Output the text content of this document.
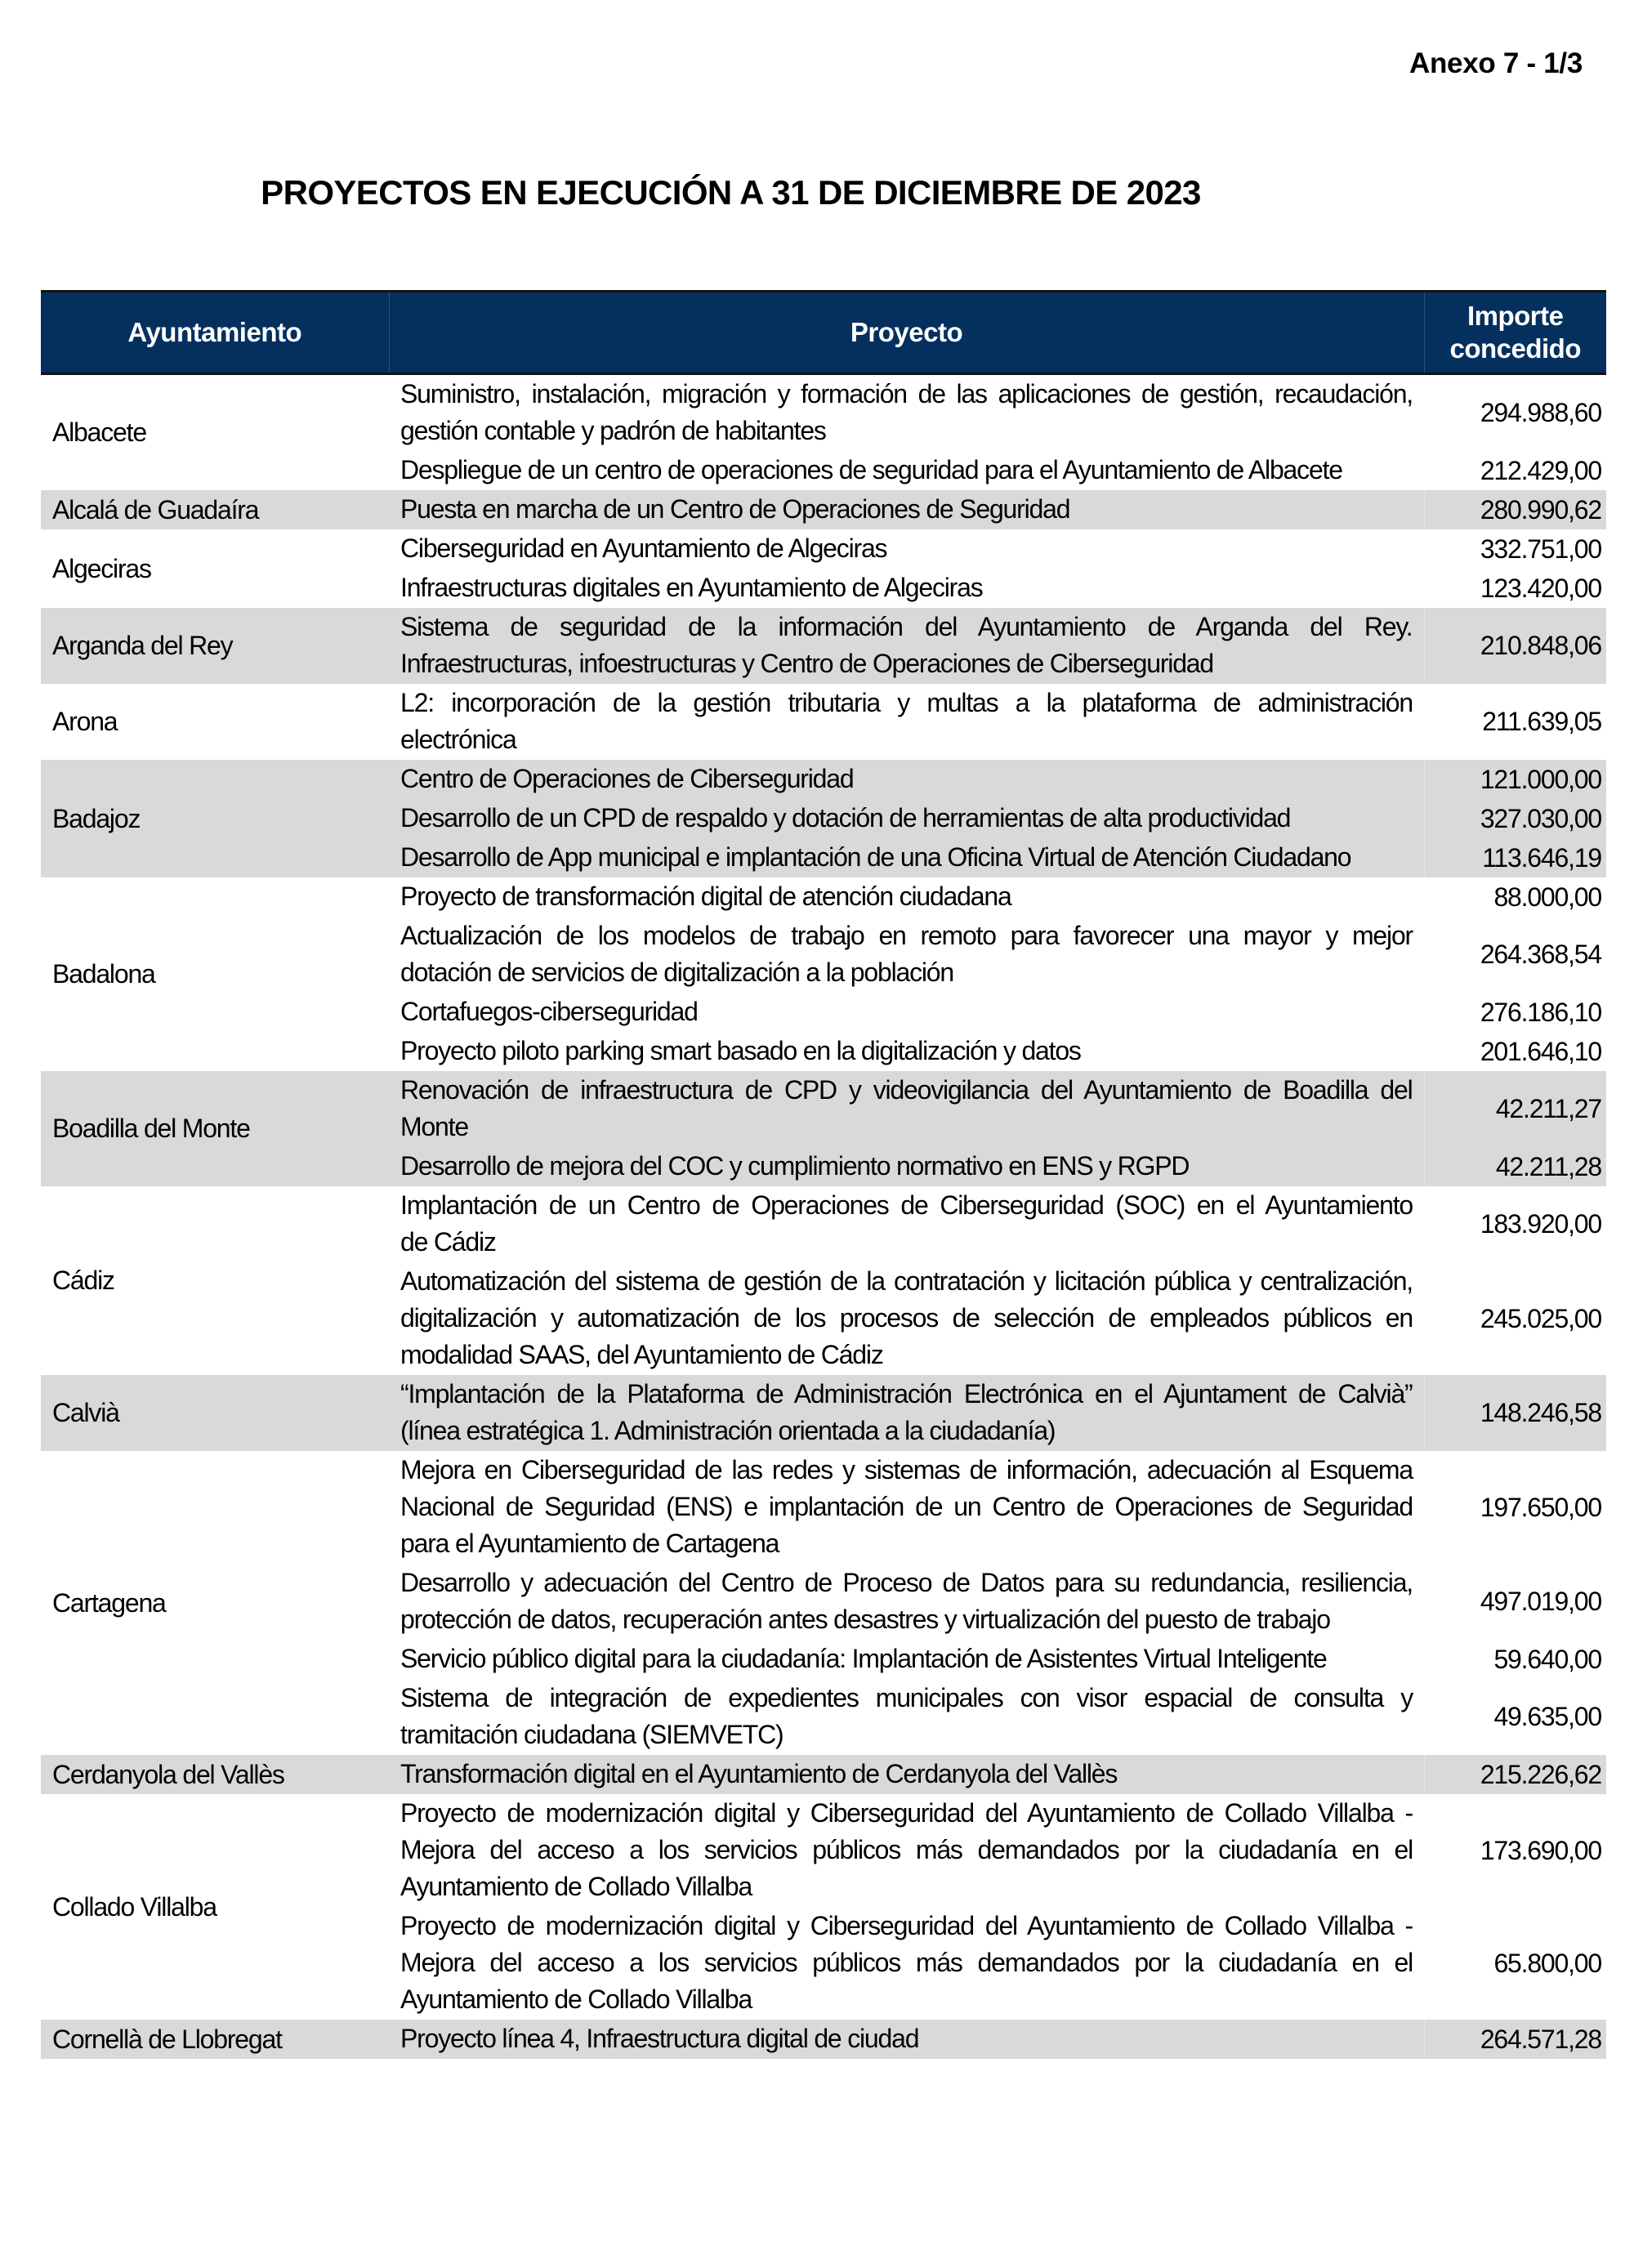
Anexo 7 - 1/3
PROYECTOS EN EJECUCIÓN A 31 DE DICIEMBRE DE 2023
Ayuntamiento	Proyecto	Importe
concedido

Albacete	Suministro, instalación, migración y formación de las aplicaciones de gestión, recaudación,
gestión contable y padrón de habitantes	294.988,60

	Despliegue de un centro de operaciones de seguridad para el Ayuntamiento de Albacete	212.429,00
Alcalá de Guadaíra	Puesta en marcha de un Centro de Operaciones de Seguridad	280.990,62
Algeciras	Ciberseguridad en Ayuntamiento de Algeciras	332.751,00

	Infraestructuras digitales en Ayuntamiento de Algeciras	123.420,00
Arganda del Rey	Sistema de seguridad de la información del Ayuntamiento de Arganda del Rey.
Infraestructuras, infoestructuras y Centro de Operaciones de Ciberseguridad	210.848,06
Arona	L2: incorporación de la gestión tributaria y multas a la plataforma de administración
electrónica	211.639,05
Badajoz	Centro de Operaciones de Ciberseguridad	121.000,00

	Desarrollo de un CPD de respaldo y dotación de herramientas de alta productividad	327.030,00

	Desarrollo de App municipal e implantación de una Oficina Virtual de Atención Ciudadano	113.646,19
Badalona	Proyecto de transformación digital de atención ciudadana	88.000,00

	Actualización de los modelos de trabajo en remoto para favorecer una mayor y mejor
dotación de servicios de digitalización a la población	264.368,54

	Cortafuegos-ciberseguridad	276.186,10

	Proyecto piloto parking smart basado en la digitalización y datos	201.646,10
Boadilla del Monte	Renovación de infraestructura de CPD y videovigilancia del Ayuntamiento de Boadilla del
Monte	42.211,27

	Desarrollo de mejora del COC y cumplimiento normativo en ENS y RGPD	42.211,28
Cádiz	Implantación de un Centro de Operaciones de Ciberseguridad (SOC) en el Ayuntamiento
de Cádiz	183.920,00

	Automatización del sistema de gestión de la contratación y licitación pública y centralización,
digitalización y automatización de los procesos de selección de empleados públicos en
modalidad SAAS, del Ayuntamiento de Cádiz	245.025,00
Calvià	“Implantación de la Plataforma de Administración Electrónica en el Ajuntament de Calvià”
(línea estratégica 1. Administración orientada a la ciudadanía)	148.246,58
Cartagena	Mejora en Ciberseguridad de las redes y sistemas de información, adecuación al Esquema
Nacional de Seguridad (ENS) e implantación de un Centro de Operaciones de Seguridad
para el Ayuntamiento de Cartagena	197.650,00

	Desarrollo y adecuación del Centro de Proceso de Datos para su redundancia, resiliencia,
protección de datos, recuperación antes desastres y virtualización del puesto de trabajo	497.019,00

	Servicio público digital para la ciudadanía: Implantación de Asistentes Virtual Inteligente	59.640,00

	Sistema de integración de expedientes municipales con visor espacial de consulta y
tramitación ciudadana (SIEMVETC)	49.635,00
Cerdanyola del Vallès	Transformación digital en el Ayuntamiento de Cerdanyola del Vallès	215.226,62
Collado Villalba	Proyecto de modernización digital y Ciberseguridad del Ayuntamiento de Collado Villalba -
Mejora del acceso a los servicios públicos más demandados por la ciudadanía en el
Ayuntamiento de Collado Villalba	173.690,00

	Proyecto de modernización digital y Ciberseguridad del Ayuntamiento de Collado Villalba -
Mejora del acceso a los servicios públicos más demandados por la ciudadanía en el
Ayuntamiento de Collado Villalba	65.800,00
Cornellà de Llobregat	Proyecto línea 4, Infraestructura digital de ciudad	264.571,28
